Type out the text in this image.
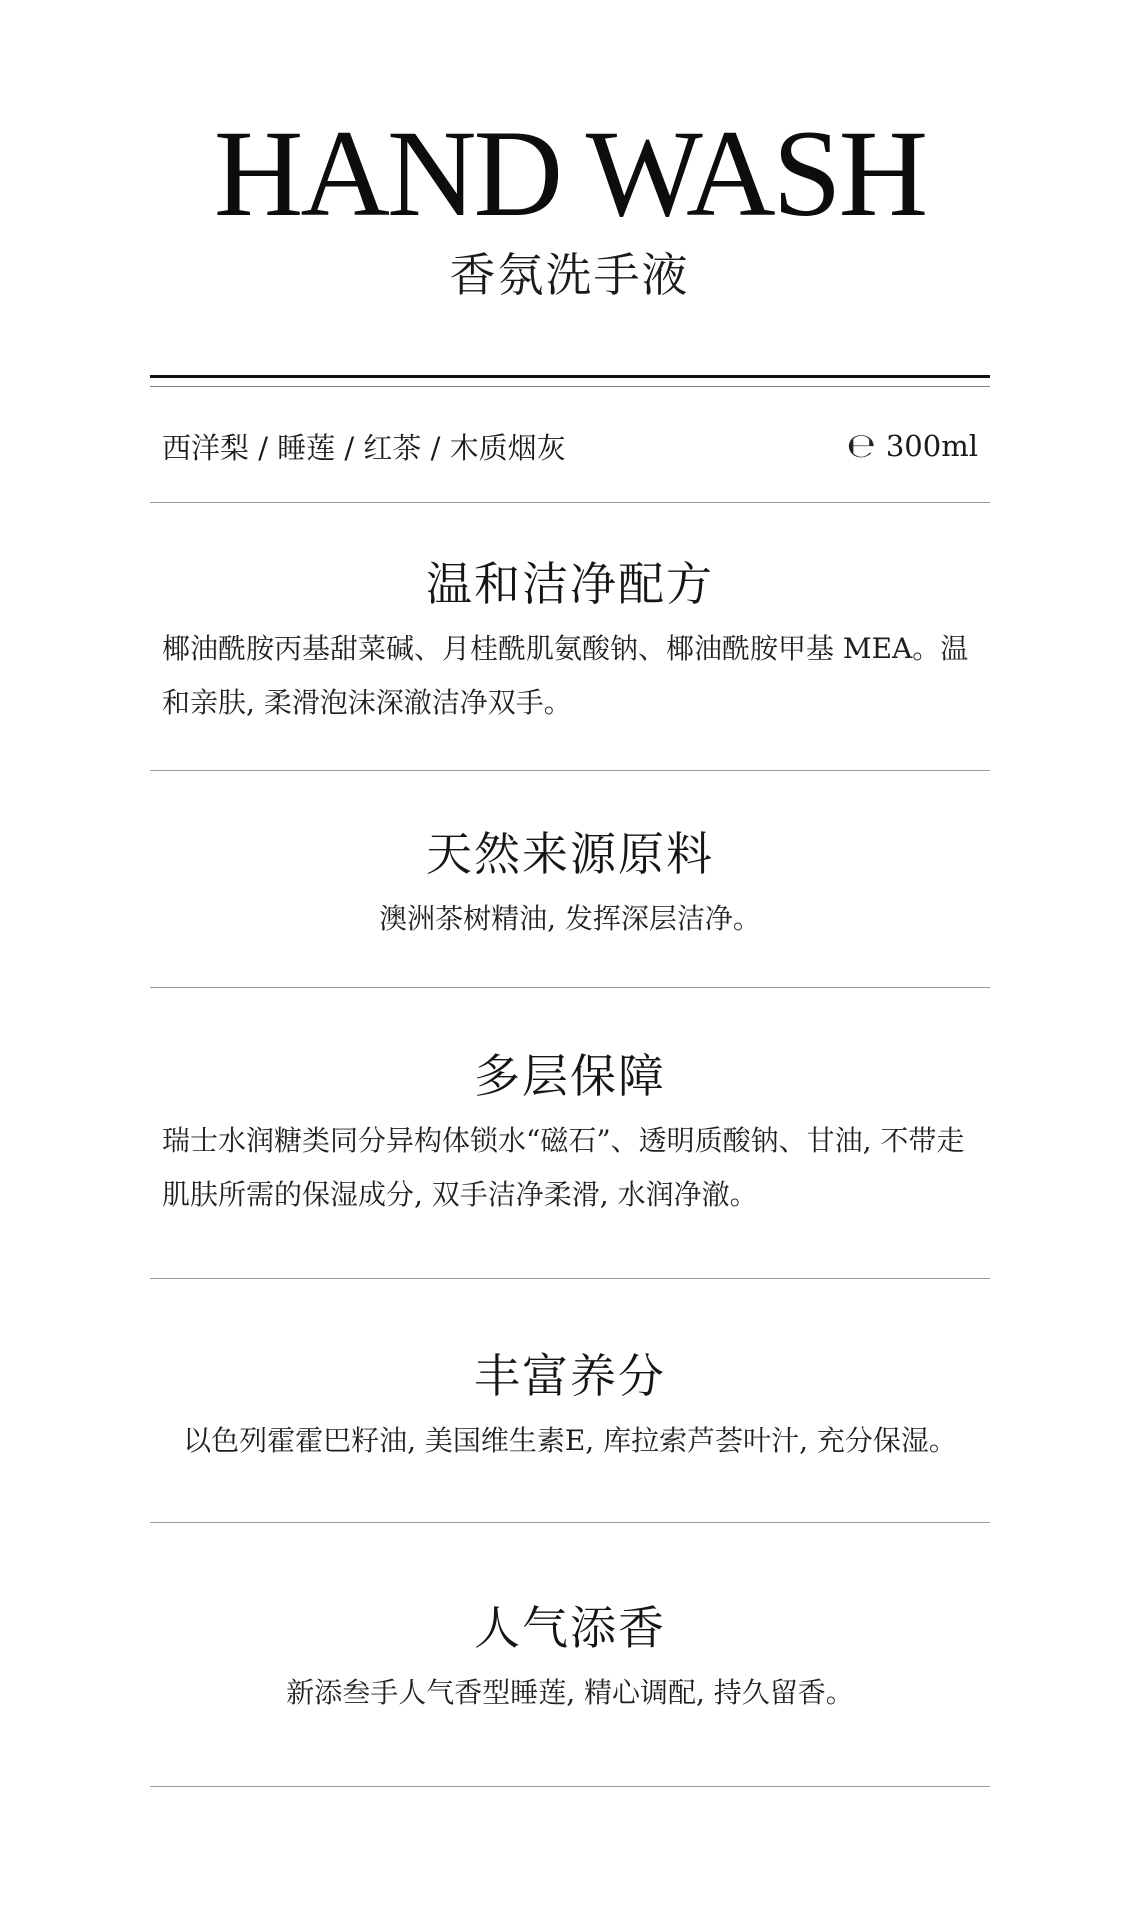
HAND WASH
香氛洗手液
西洋梨 / 睡莲 / 红茶 / 木质烟灰	℮ 300ml
温和洁净配方

椰油酰胺丙基甜菜碱、月桂酰肌氨酸钠、椰油酰胺甲基 MEA。温和亲肤, 柔滑泡沫深澈洁净双手。

天然来源原料

澳洲茶树精油, 发挥深层洁净。

多层保障

瑞士水润糖类同分异构体锁水“磁石”、透明质酸钠、甘油, 不带走肌肤所需的保湿成分, 双手洁净柔滑, 水润净澈。

丰富养分

以色列霍霍巴籽油, 美国维生素E, 库拉索芦荟叶汁, 充分保湿。

人气添香

新添叁手人气香型睡莲, 精心调配, 持久留香。
